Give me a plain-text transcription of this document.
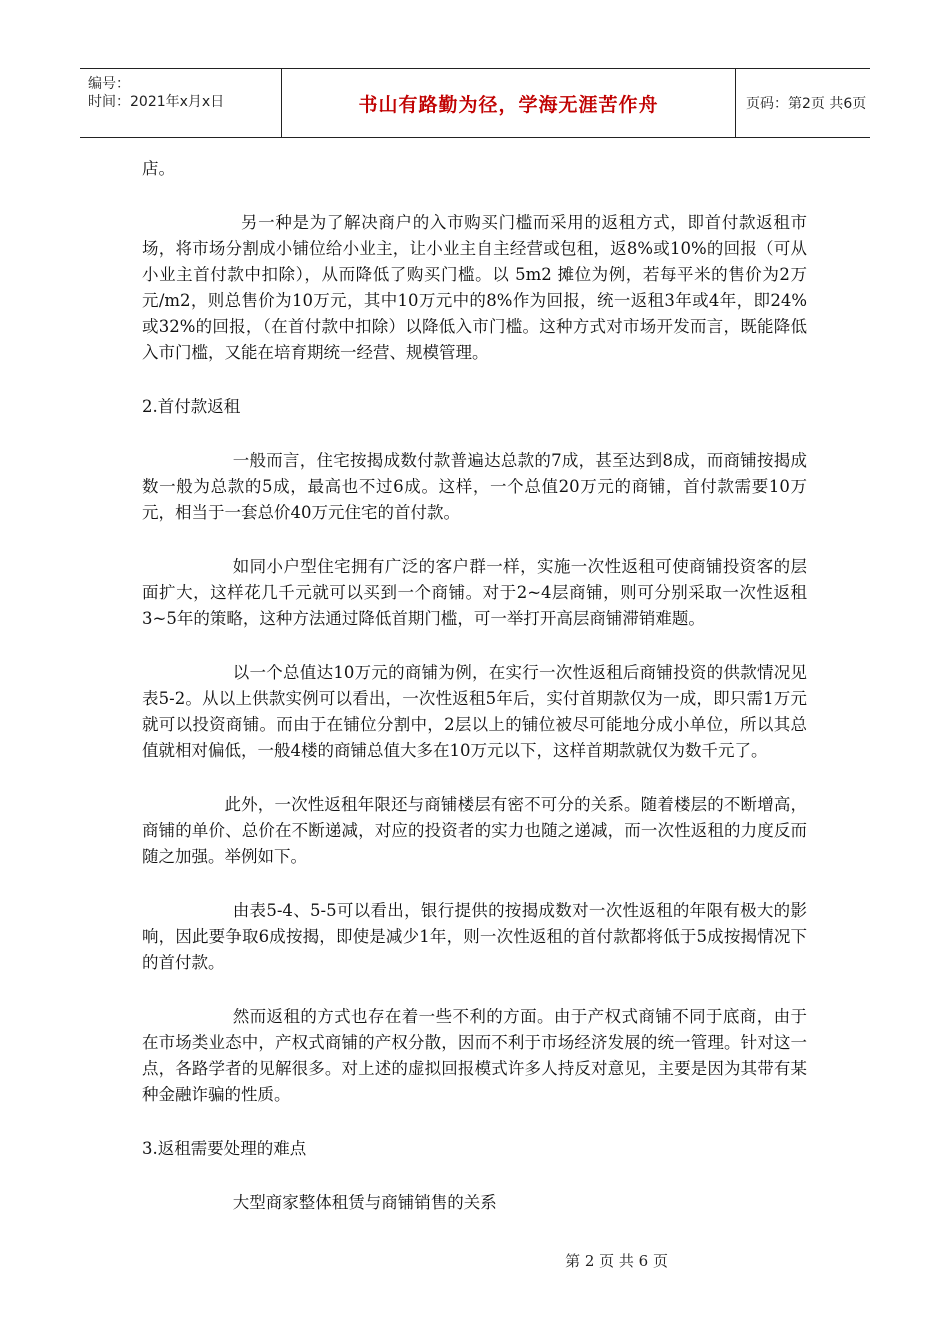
编号：
时间：2021年x月x日	书山有路勤为径，学海无涯苦作舟	页码：第2页 共6页

店。

另一种是为了解决商户的入市购买门槛而采用的返租方式，即首付款返租市场，将市场分割成小铺位给小业主，让小业主自主经营或包租，返8%或10%的回报（可从小业主首付款中扣除），从而降低了购买门槛。以 5m2 摊位为例，若每平米的售价为2万元/m2，则总售价为10万元，其中10万元中的8%作为回报，统一返租3年或4年，即24%或32%的回报，（在首付款中扣除）以降低入市门槛。这种方式对市场开发而言，既能降低入市门槛，又能在培育期统一经营、规模管理。

2.首付款返租

一般而言，住宅按揭成数付款普遍达总款的7成，甚至达到8成，而商铺按揭成数一般为总款的5成，最高也不过6成。这样，一个总值20万元的商铺，首付款需要10万元，相当于一套总价40万元住宅的首付款。

如同小户型住宅拥有广泛的客户群一样，实施一次性返租可使商铺投资客的层面扩大，这样花几千元就可以买到一个商铺。对于2~4层商铺，则可分别采取一次性返租3~5年的策略，这种方法通过降低首期门槛，可一举打开高层商铺滞销难题。

以一个总值达10万元的商铺为例，在实行一次性返租后商铺投资的供款情况见表5-2。从以上供款实例可以看出，一次性返租5年后，实付首期款仅为一成，即只需1万元就可以投资商铺。而由于在铺位分割中，2层以上的铺位被尽可能地分成小单位，所以其总值就相对偏低，一般4楼的商铺总值大多在10万元以下，这样首期款就仅为数千元了。

此外，一次性返租年限还与商铺楼层有密不可分的关系。随着楼层的不断增高，商铺的单价、总价在不断递减，对应的投资者的实力也随之递减，而一次性返租的力度反而随之加强。举例如下。

由表5-4、5-5可以看出，银行提供的按揭成数对一次性返租的年限有极大的影响，因此要争取6成按揭，即使是减少1年，则一次性返租的首付款都将低于5成按揭情况下的首付款。

然而返租的方式也存在着一些不利的方面。由于产权式商铺不同于底商，由于在市场类业态中，产权式商铺的产权分散，因而不利于市场经济发展的统一管理。针对这一点，各路学者的见解很多。对上述的虚拟回报模式许多人持反对意见，主要是因为其带有某种金融诈骗的性质。

3.返租需要处理的难点

大型商家整体租赁与商铺销售的关系

第 2 页 共 6 页
